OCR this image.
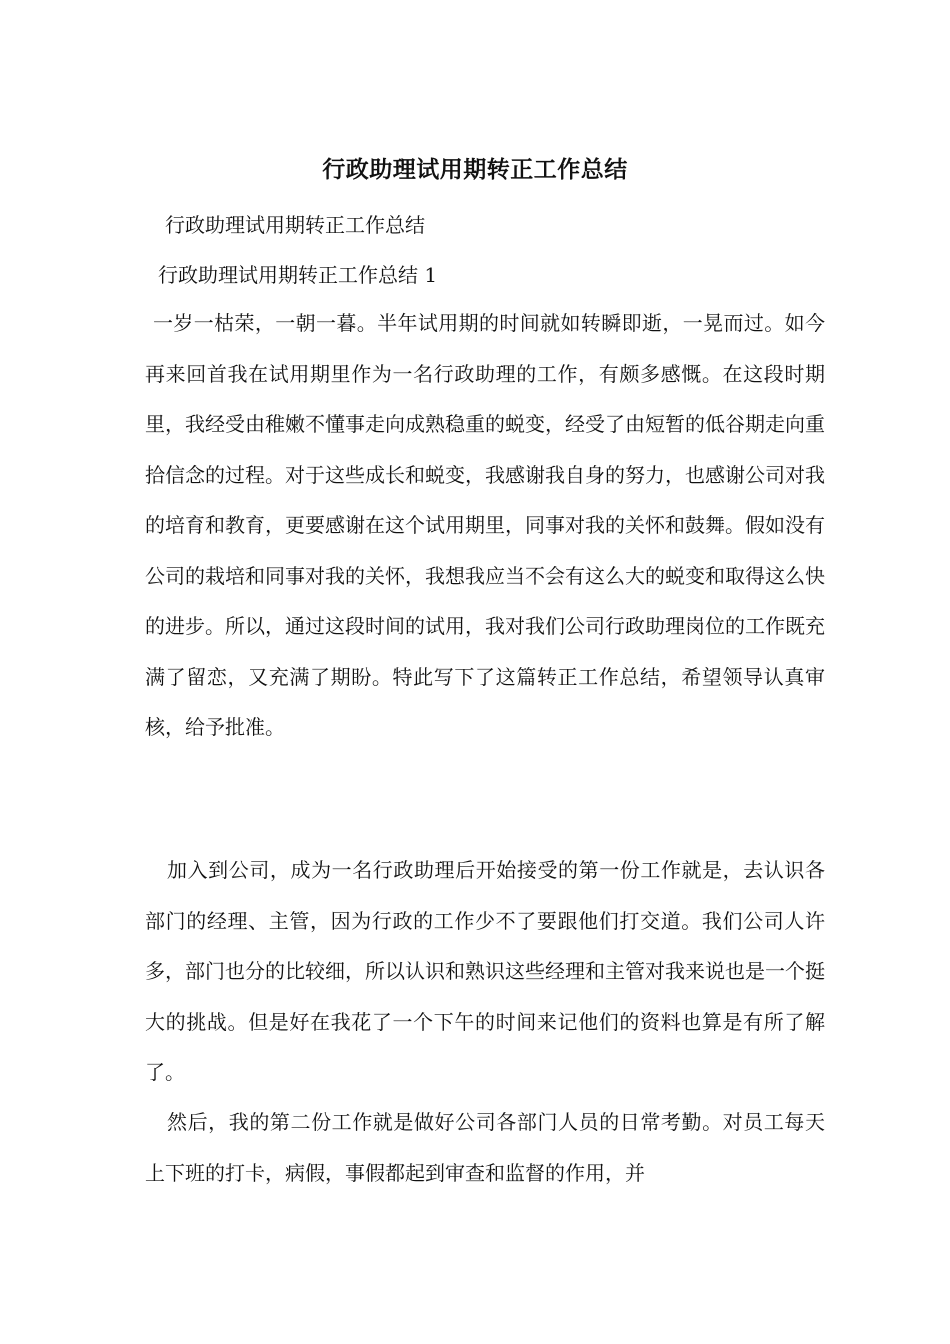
行政助理试用期转正工作总结
行政助理试用期转正工作总结
行政助理试用期转正工作总结 1

一岁一枯荣，一朝一暮。半年试用期的时间就如转瞬即逝，一晃而过。如今再来回首我在试用期里作为一名行政助理的工作，有颇多感慨。在这段时期里，我经受由稚嫩不懂事走向成熟稳重的蜕变，经受了由短暂的低谷期走向重拾信念的过程。对于这些成长和蜕变，我感谢我自身的努力，也感谢公司对我的培育和教育，更要感谢在这个试用期里，同事对我的关怀和鼓舞。假如没有公司的栽培和同事对我的关怀，我想我应当不会有这么大的蜕变和取得这么快的进步。所以，通过这段时间的试用，我对我们公司行政助理岗位的工作既充满了留恋，又充满了期盼。特此写下了这篇转正工作总结，希望领导认真审核，给予批准。

加入到公司，成为一名行政助理后开始接受的第一份工作就是，去认识各部门的经理、主管，因为行政的工作少不了要跟他们打交道。我们公司人许多，部门也分的比较细，所以认识和熟识这些经理和主管对我来说也是一个挺大的挑战。但是好在我花了一个下午的时间来记他们的资料也算是有所了解了。

然后，我的第二份工作就是做好公司各部门人员的日常考勤。对员工每天上下班的打卡，病假，事假都起到审查和监督的作用，并
